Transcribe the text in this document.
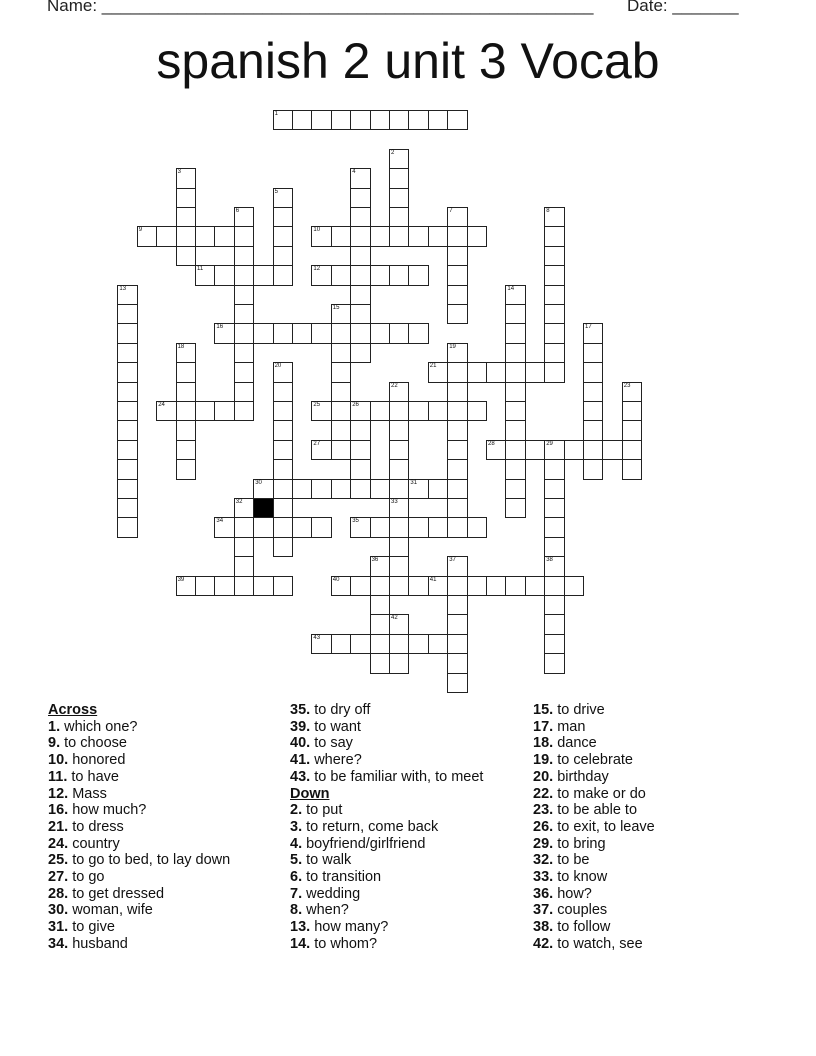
Name: ____________________________________________________ Date: _______
spanish 2 unit 3 Vocab
1
9	10
11	12
16
21
24	25	26
27	28	29
30	31
34	35
39	40	41
43
2
3	4
5
6	7	8
13	14
15
17
18	19
20
22
33
23
32
36	37	38
42
Across
1. which one?
9. to choose
10. honored
11. to have
12. Mass
16. how much?
21. to dress
24. country
25. to go to bed, to lay down
27. to go
28. to get dressed
30. woman, wife
31. to give
34. husband
35. to dry off
39. to want
40. to say
41. where?
43. to be familiar with, to meet
Down
2. to put
3. to return, come back
4. boyfriend/girlfriend
5. to walk
6. to transition
7. wedding
8. when?
13. how many?
14. to whom?
15. to drive
17. man
18. dance
19. to celebrate
20. birthday
22. to make or do
23. to be able to
26. to exit, to leave
29. to bring
32. to be
33. to know
36. how?
37. couples
38. to follow
42. to watch, see
